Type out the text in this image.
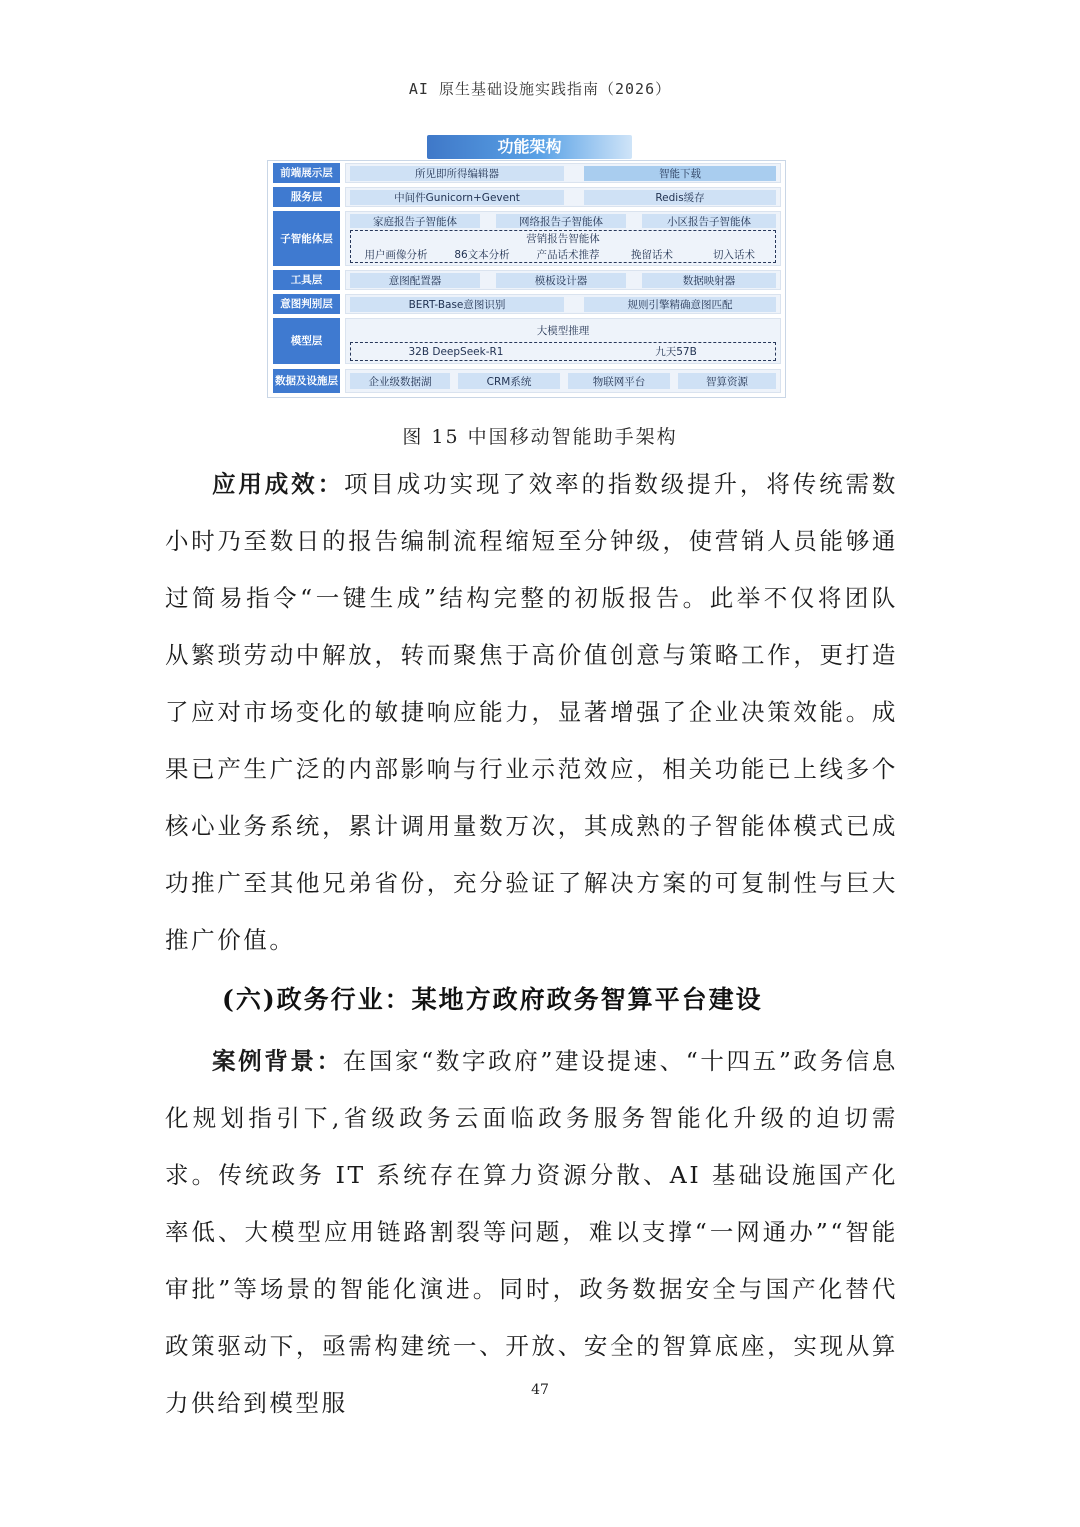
AI 原生基础设施实践指南（2026）
功能架构
前端展示层	所见即所得编辑器	智能下载
服务层	中间件Gunicorn+Gevent	Redis缓存
子智能体层
家庭报告子智能体	网络报告子智能体	小区报告子智能体
营销报告智能体
用户画像分析	86文本分析	产品话术推荐	挽留话术	切入话术
工具层	意图配置器	模板设计器	数据映射器
意图判别层	BERT-Base意图识别	规则引擎精确意图匹配
模型层
大模型推理
32B DeepSeek-R1	九天57B
数据及设施层	企业级数据湖	CRM系统	物联网平台	智算资源
图 15 中国移动智能助手架构
应用成效：项目成功实现了效率的指数级提升，将传统需数小时乃至数日的报告编制流程缩短至分钟级，使营销人员能够通过简易指令“一键生成”结构完整的初版报告。此举不仅将团队从繁琐劳动中解放，转而聚焦于高价值创意与策略工作，更打造了应对市场变化的敏捷响应能力，显著增强了企业决策效能。成果已产生广泛的内部影响与行业示范效应，相关功能已上线多个核心业务系统，累计调用量数万次，其成熟的子智能体模式已成功推广至其他兄弟省份，充分验证了解决方案的可复制性与巨大推广价值。
(六)政务行业：某地方政府政务智算平台建设
案例背景：在国家“数字政府”建设提速、“十四五”政务信息化规划指引下,省级政务云面临政务服务智能化升级的迫切需求。传统政务 IT 系统存在算力资源分散、AI 基础设施国产化率低、大模型应用链路割裂等问题，难以支撑“一网通办”“智能审批”等场景的智能化演进。同时，政务数据安全与国产化替代政策驱动下，亟需构建统一、开放、安全的智算底座，实现从算力供给到模型服	47
